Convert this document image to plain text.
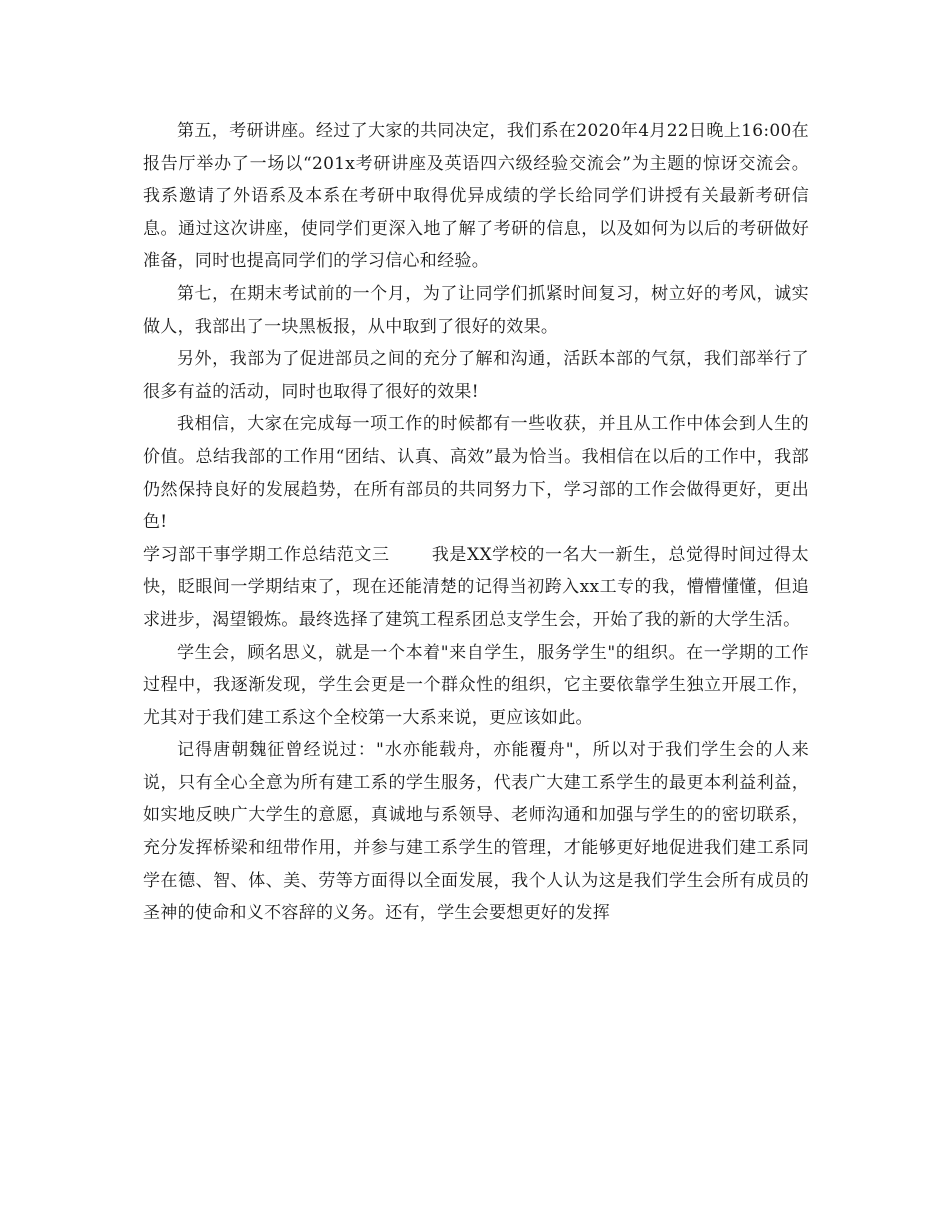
第五，考研讲座。经过了大家的共同决定，我们系在2020年4月22日晚上16:00在报告厅举办了一场以“201x考研讲座及英语四六级经验交流会”为主题的惊讶交流会。我系邀请了外语系及本系在考研中取得优异成绩的学长给同学们讲授有关最新考研信息。通过这次讲座，使同学们更深入地了解了考研的信息，以及如何为以后的考研做好准备，同时也提高同学们的学习信心和经验。

第七，在期末考试前的一个月，为了让同学们抓紧时间复习，树立好的考风，诚实做人，我部出了一块黑板报，从中取到了很好的效果。

另外，我部为了促进部员之间的充分了解和沟通，活跃本部的气氛，我们部举行了很多有益的活动，同时也取得了很好的效果!

我相信，大家在完成每一项工作的时候都有一些收获，并且从工作中体会到人生的价值。总结我部的工作用“团结、认真、高效”最为恰当。我相信在以后的工作中，我部仍然保持良好的发展趋势，在所有部员的共同努力下，学习部的工作会做得更好，更出色!

学习部干事学期工作总结范文三 我是XX学校的一名大一新生，总觉得时间过得太快，眨眼间一学期结束了，现在还能清楚的记得当初跨入xx工专的我，懵懵懂懂，但追求进步，渴望锻炼。最终选择了建筑工程系团总支学生会，开始了我的新的大学生活。

学生会，顾名思义，就是一个本着"来自学生，服务学生"的组织。在一学期的工作过程中，我逐渐发现，学生会更是一个群众性的组织，它主要依靠学生独立开展工作，尤其对于我们建工系这个全校第一大系来说，更应该如此。

记得唐朝魏征曾经说过："水亦能载舟，亦能覆舟"，所以对于我们学生会的人来说，只有全心全意为所有建工系的学生服务，代表广大建工系学生的最更本利益利益，如实地反映广大学生的意愿，真诚地与系领导、老师沟通和加强与学生的的密切联系，充分发挥桥梁和纽带作用，并参与建工系学生的管理，才能够更好地促进我们建工系同学在德、智、体、美、劳等方面得以全面发展，我个人认为这是我们学生会所有成员的圣神的使命和义不容辞的义务。还有，学生会要想更好的发挥
